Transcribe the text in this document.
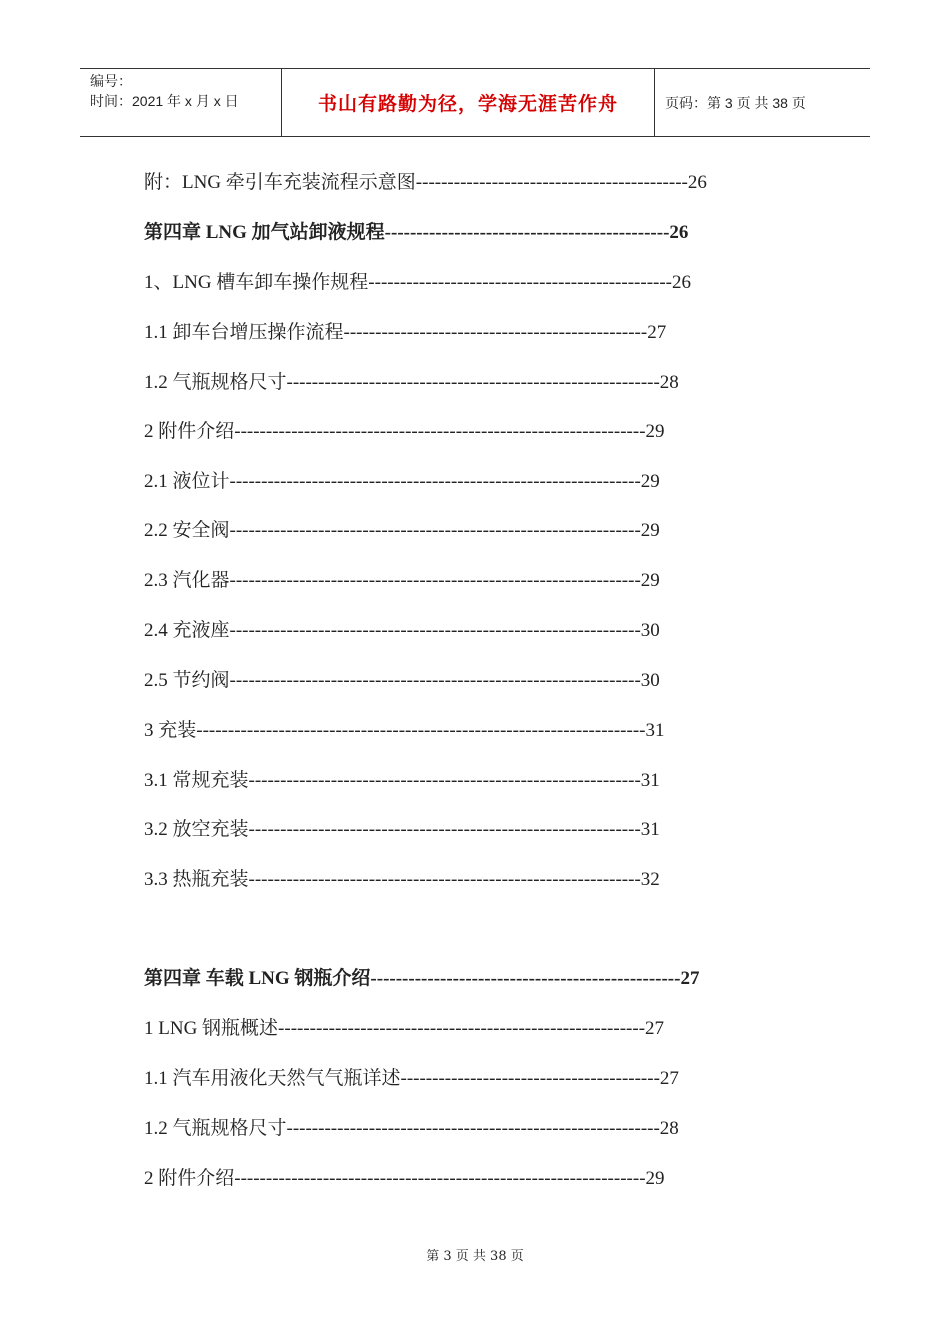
编号：
时间：2021 年 x 月 x 日	书山有路勤为径，学海无涯苦作舟	页码：第 3 页 共 38 页
附：LNG 牵引车充装流程示意图-------------------------------------------26
第四章 LNG 加气站卸液规程---------------------------------------------26
1、LNG 槽车卸车操作规程------------------------------------------------26
1.1 卸车台增压操作流程------------------------------------------------27
1.2 气瓶规格尺寸-----------------------------------------------------------28
2 附件介绍-----------------------------------------------------------------29
2.1 液位计-----------------------------------------------------------------29
2.2 安全阀-----------------------------------------------------------------29
2.3 汽化器-----------------------------------------------------------------29
2.4 充液座-----------------------------------------------------------------30
2.5 节约阀-----------------------------------------------------------------30
3 充装-----------------------------------------------------------------------31
3.1 常规充装--------------------------------------------------------------31
3.2 放空充装--------------------------------------------------------------31
3.3 热瓶充装--------------------------------------------------------------32
第四章 车载 LNG 钢瓶介绍-------------------------------------------------27
1 LNG 钢瓶概述----------------------------------------------------------27
1.1 汽车用液化天然气气瓶详述-----------------------------------------27
1.2 气瓶规格尺寸-----------------------------------------------------------28
2 附件介绍-----------------------------------------------------------------29
第 3 页 共 38 页
